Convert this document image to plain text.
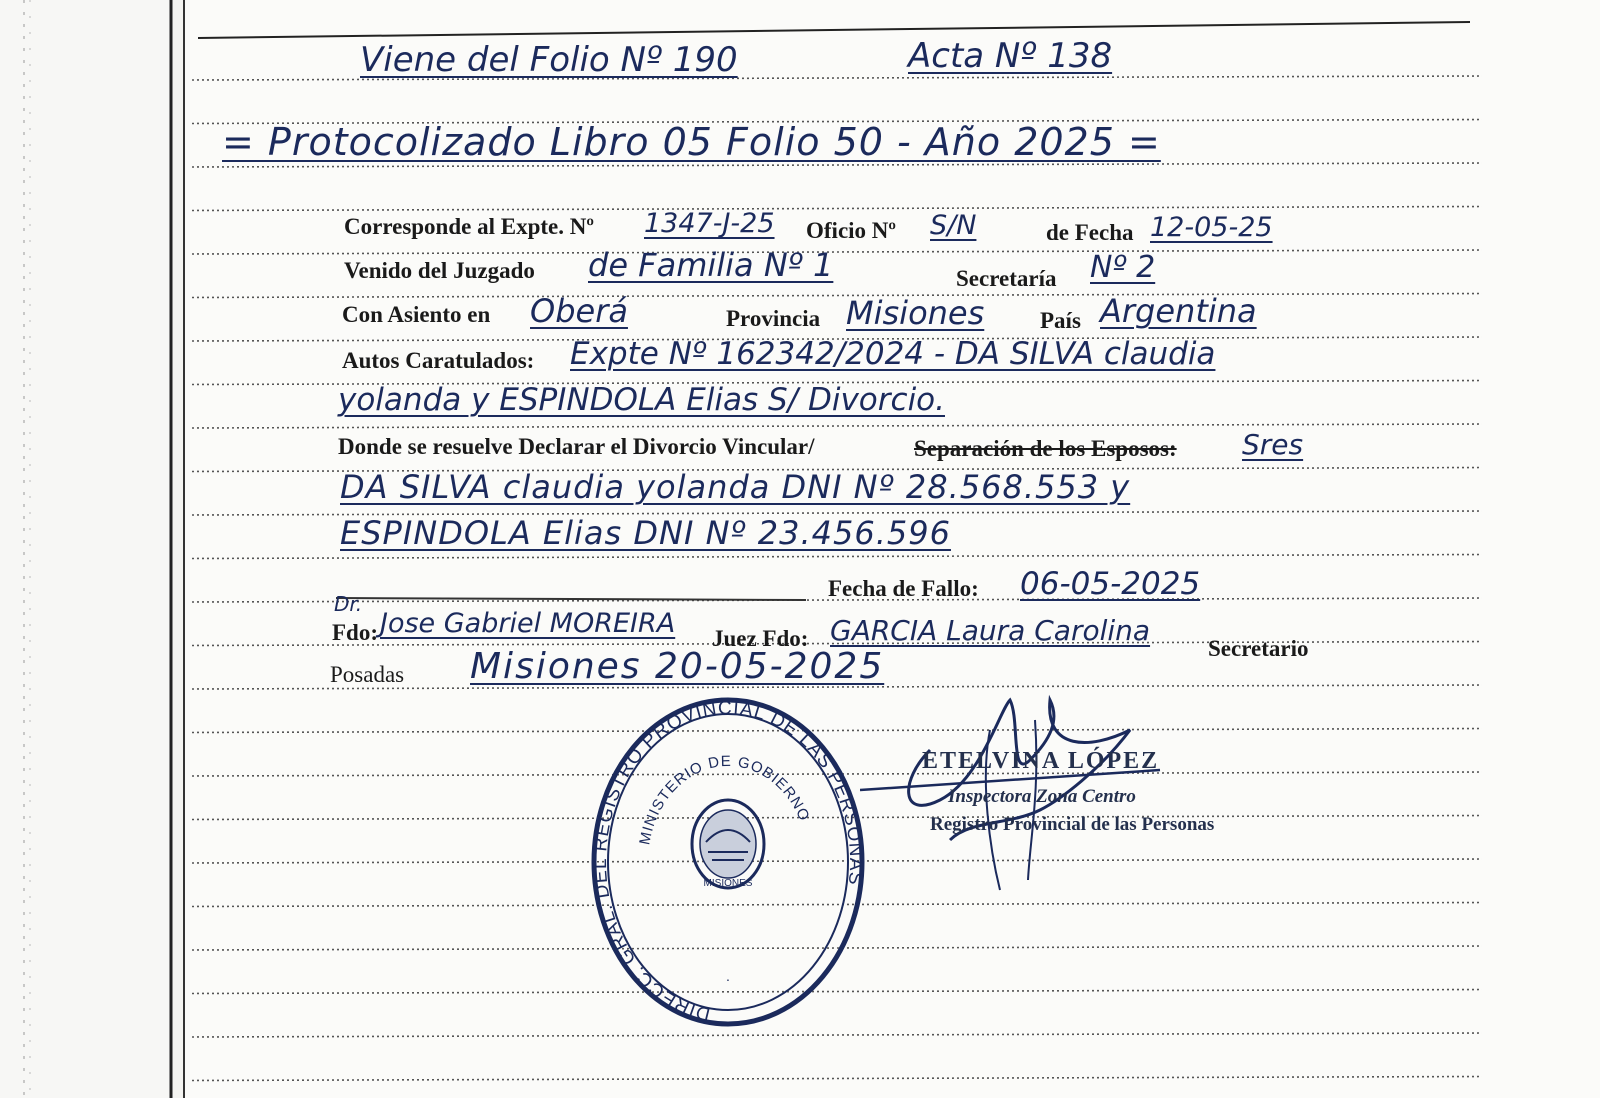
Viene del Folio Nº 190	Acta Nº 138
= Protocolizado Libro 05 Folio 50 - Año 2025 =
Corresponde al Expte. Nº 1347-J-25 Oficio Nº S/N	de Fecha 12-05-25
Venido del Juzgado de Familia Nº 1	Secretaría Nº 2
Con Asiento en Oberá	Provincia Misiones País Argentina
Autos Caratulados: Expte Nº 162342/2024 - DA SILVA claudia
yolanda y ESPINDOLA Elias S/ Divorcio.
Donde se resuelve Declarar el Divorcio Vincular/	Separación de los Esposos: Sres
DA SILVA claudia yolanda DNI Nº 28.568.553 y
ESPINDOLA Elias DNI Nº 23.456.596
Fecha de Fallo: 06-05-2025
Dr.
Fdo: Jose Gabriel MOREIRA Juez Fdo: GARCIA Laura Carolina
Secretario
Posadas Misiones 20-05-2025
DIRECC. GRAL. DEL REGISTRO PROVINCIAL DE LAS PERSONAS
MINISTERIO DE GOBIERNO
MISIONES
·
ETELVINA LÓPEZ
Inspectora Zona Centro
Registro Provincial de las Personas
